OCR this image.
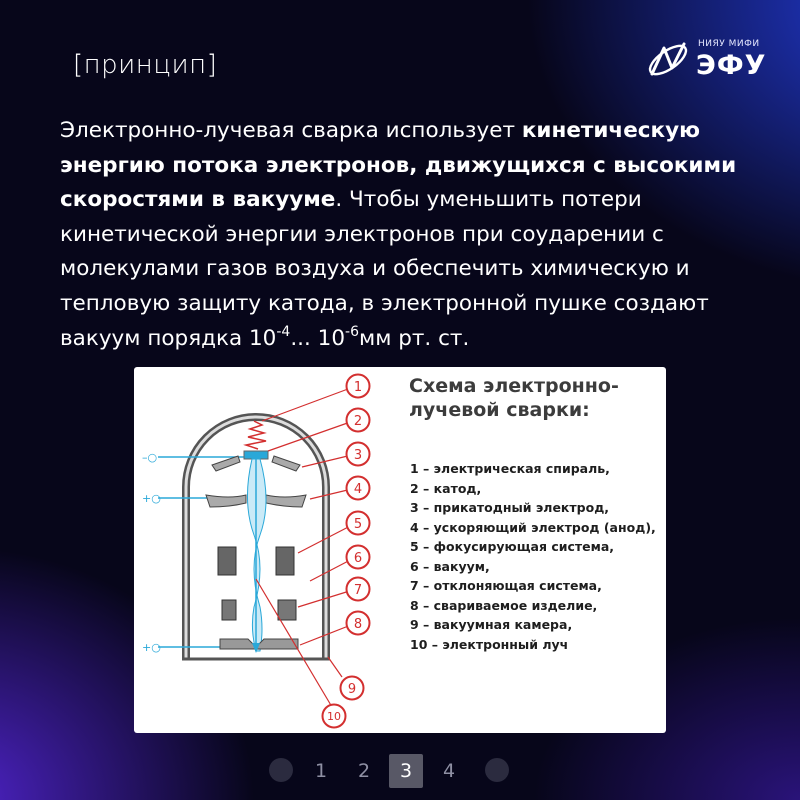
[принцип]
НИЯУ МИФИ
ЭФУ
Электронно-лучевая сварка использует кинетическую энергию потока электронов, движущихся с высокими скоростями в вакууме. Чтобы уменьшить потери кинетической энергии электронов при соударении с молекулами газов воздуха и обеспечить химическую и тепловую защиту катода, в электронной пушке создают вакуум порядка $10^{-4}$... $10^{-6}мм$ рт. ст.
–○
+○
+○
1
2
3
4
5
6
7
8
9
10
Схема электронно-лучевой сварки:
1 – электрическая спираль,
2 – катод,
3 – прикатодный электрод,
4 – ускоряющий электрод (анод),
5 – фокусирующая система,
6 – вакуум,
7 – отклоняющая система,
8 – свариваемое изделие,
9 – вакуумная камера,
10 – электронный луч
1	2	3	4
